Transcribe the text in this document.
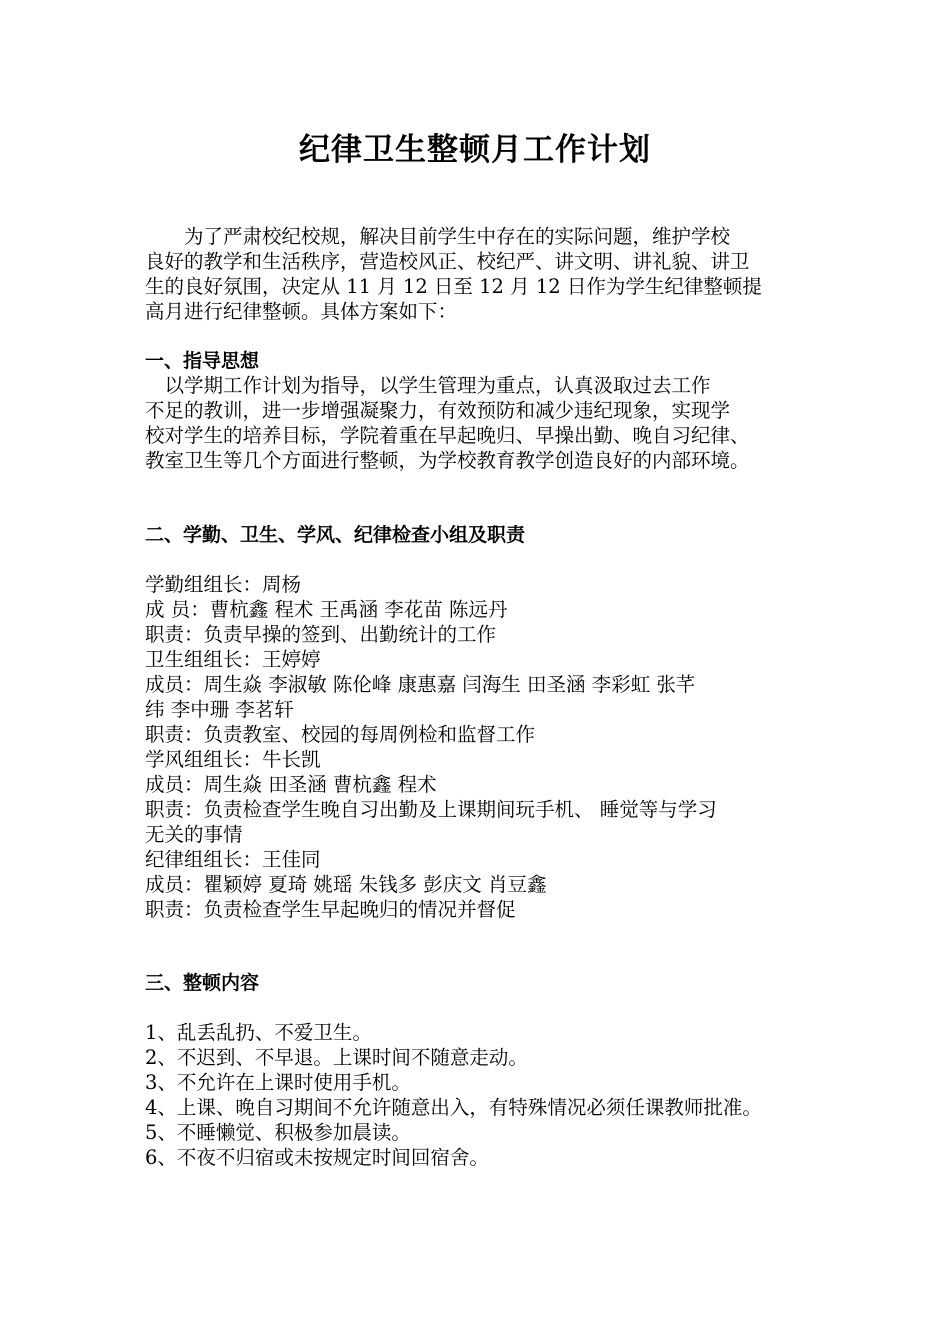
纪律卫生整顿月工作计划
　　为了严肃校纪校规，解决目前学生中存在的实际问题，维护学校
良好的教学和生活秩序，营造校风正、校纪严、讲文明、讲礼貌、讲卫
生的良好氛围，决定从 11 月 12 日至 12 月 12 日作为学生纪律整顿提
高月进行纪律整顿。具体方案如下：
一、指导思想
　以学期工作计划为指导，以学生管理为重点，认真汲取过去工作
不足的教训，进一步增强凝聚力，有效预防和减少违纪现象，实现学
校对学生的培养目标，学院着重在早起晚归、早操出勤、晚自习纪律、
教室卫生等几个方面进行整顿，为学校教育教学创造良好的内部环境。
二、学勤、卫生、学风、纪律检查小组及职责
学勤组组长：周杨
成 员：曹杭鑫 程术 王禹涵 李花苗 陈远丹
职责：负责早操的签到、出勤统计的工作
卫生组组长：王婷婷
成员：周生焱 李淑敏 陈伦峰 康惠嘉 闫海生 田圣涵 李彩虹 张芊
纬 李中珊 李茗轩
职责：负责教室、校园的每周例检和监督工作
学风组组长：牛长凯
成员：周生焱 田圣涵 曹杭鑫 程术
职责：负责检查学生晚自习出勤及上课期间玩手机、 睡觉等与学习
无关的事情
纪律组组长：王佳同
成员：瞿颖婷 夏琦 姚瑶 朱钱多 彭庆文 肖豆鑫
职责：负责检查学生早起晚归的情况并督促
三、整顿内容
1、乱丢乱扔、不爱卫生。
2、不迟到、不早退。上课时间不随意走动。
3、不允许在上课时使用手机。
4、上课、晚自习期间不允许随意出入，有特殊情况必须任课教师批准。
5、不睡懒觉、积极参加晨读。
6、不夜不归宿或未按规定时间回宿舍。
